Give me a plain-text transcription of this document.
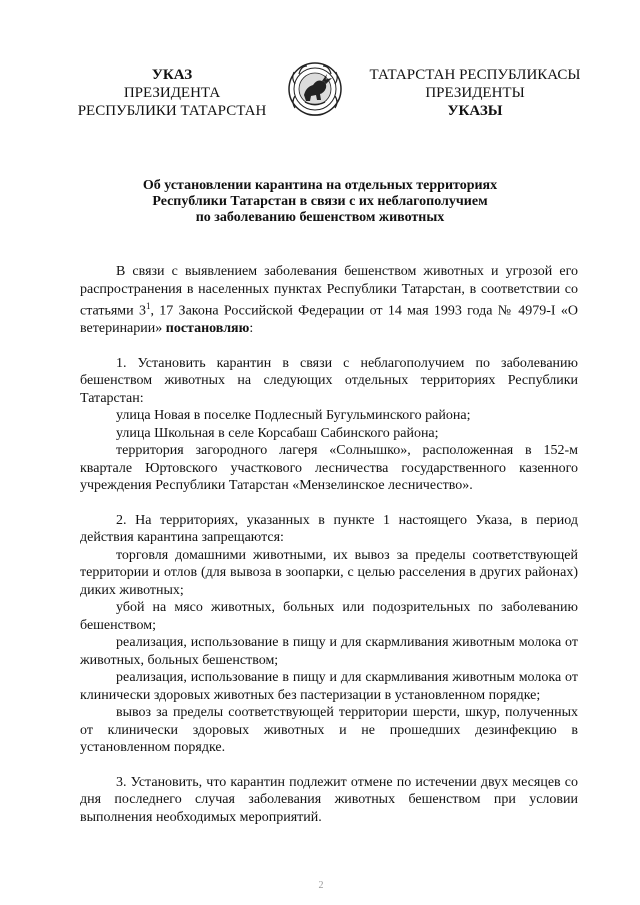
УКАЗ
ПРЕЗИДЕНТА
РЕСПУБЛИКИ ТАТАРСТАН
ТАТАРСТАН РЕСПУБЛИКАСЫ
ПРЕЗИДЕНТЫ
УКАЗЫ
Об установлении карантина на отдельных территориях
Республики Татарстан в связи с их неблагополучием
по заболеванию бешенством животных

В связи с выявлением заболевания бешенством животных и угрозой его распространения в населенных пунктах Республики Татарстан, в соответствии со статьями $3^1$, 17 Закона Российской Федерации от 14 мая 1993 года № 4979-I «О ветеринарии» постановляю:

1. Установить карантин в связи с неблагополучием по заболеванию бешенством животных на следующих отдельных территориях Республики Татарстан:

улица Новая в поселке Подлесный Бугульминского района;

улица Школьная в селе Корсабаш Сабинского района;

территория загородного лагеря «Солнышко», расположенная в 152-м квартале Юртовского участкового лесничества государственного казенного учреждения Республики Татарстан «Мензелинское лесничество».

2. На территориях, указанных в пункте 1 настоящего Указа, в период действия карантина запрещаются:

торговля домашними животными, их вывоз за пределы соответствующей территории и отлов (для вывоза в зоопарки, с целью расселения в других районах) диких животных;

убой на мясо животных, больных или подозрительных по заболеванию бешенством;

реализация, использование в пищу и для скармливания животным молока от животных, больных бешенством;

реализация, использование в пищу и для скармливания животным молока от клинически здоровых животных без пастеризации в установленном порядке;

вывоз за пределы соответствующей территории шерсти, шкур, полученных от клинически здоровых животных и не прошедших дезинфекцию в установленном порядке.

3. Установить, что карантин подлежит отмене по истечении двух месяцев со дня последнего случая заболевания животных бешенством при условии выполнения необходимых мероприятий.

2
